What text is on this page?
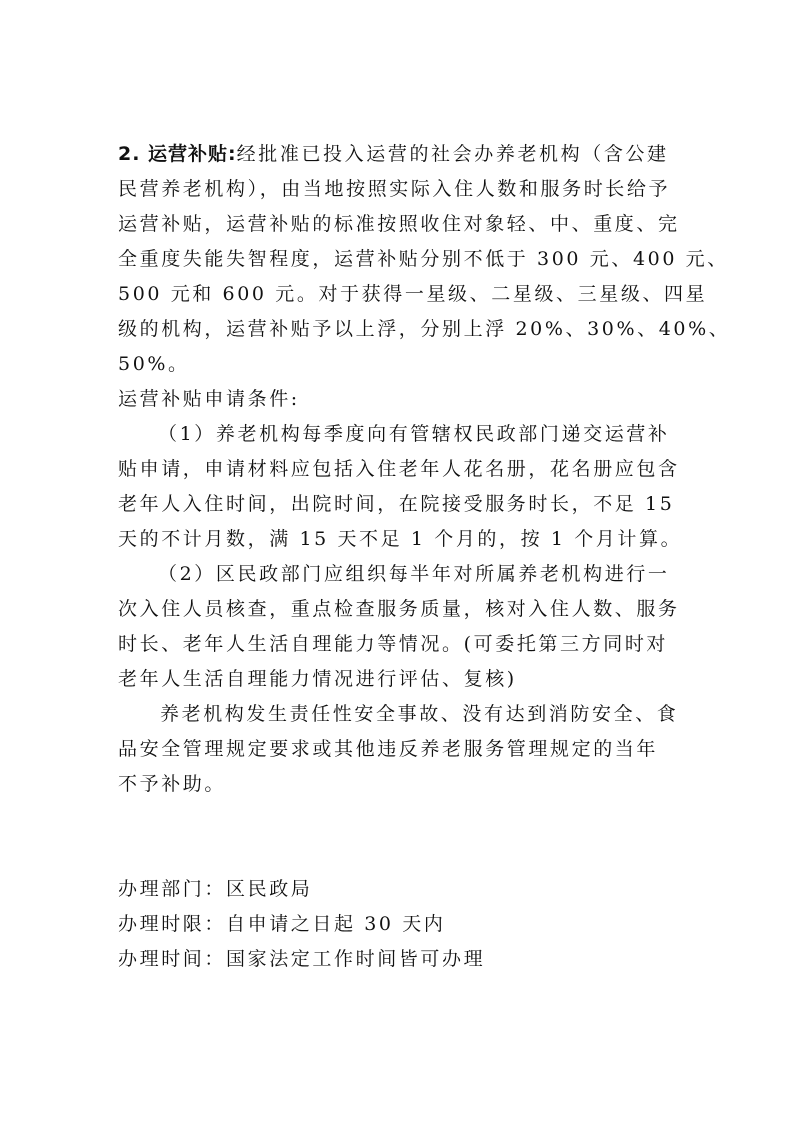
2. 运营补贴:经批准已投入运营的社会办养老机构（含公建
民营养老机构），由当地按照实际入住人数和服务时长给予
运营补贴，运营补贴的标准按照收住对象轻、中、重度、完
全重度失能失智程度，运营补贴分别不低于 300 元、400 元、
500 元和 600 元。对于获得一星级、二星级、三星级、四星
级的机构，运营补贴予以上浮，分别上浮 20%、30%、40%、
50%。
运营补贴申请条件:
（1）养老机构每季度向有管辖权民政部门递交运营补
贴申请，申请材料应包括入住老年人花名册，花名册应包含
老年人入住时间，出院时间，在院接受服务时长，不足 15
天的不计月数，满 15 天不足 1 个月的，按 1 个月计算。
（2）区民政部门应组织每半年对所属养老机构进行一
次入住人员核查，重点检查服务质量，核对入住人数、服务
时长、老年人生活自理能力等情况。(可委托第三方同时对
老年人生活自理能力情况进行评估、复核)
养老机构发生责任性安全事故、没有达到消防安全、食
品安全管理规定要求或其他违反养老服务管理规定的当年
不予补助。
办理部门：区民政局
办理时限：自申请之日起 30 天内
办理时间：国家法定工作时间皆可办理
